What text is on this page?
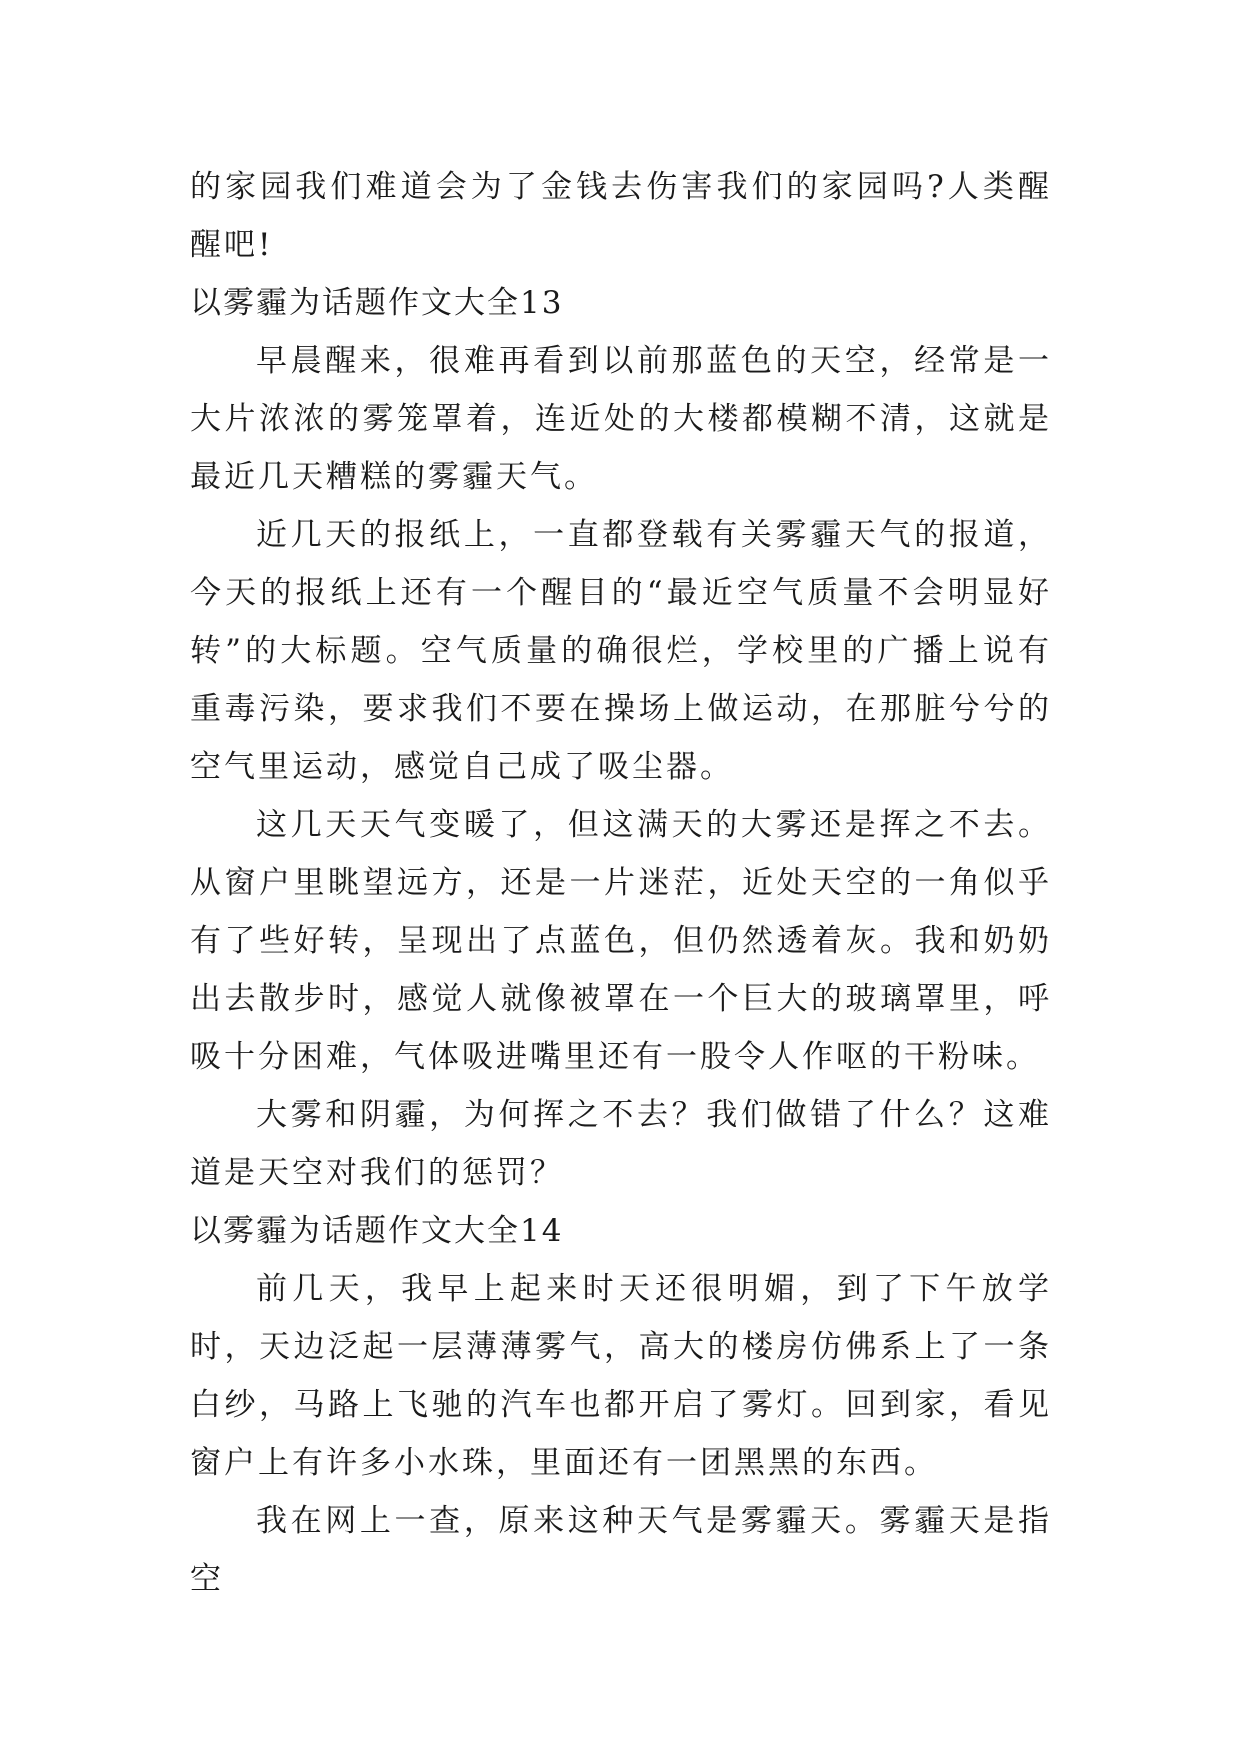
的家园我们难道会为了金钱去伤害我们的家园吗?人类醒醒吧!

以雾霾为话题作文大全13

早晨醒来，很难再看到以前那蓝色的天空，经常是一大片浓浓的雾笼罩着，连近处的大楼都模糊不清，这就是最近几天糟糕的雾霾天气。

近几天的报纸上，一直都登载有关雾霾天气的报道，今天的报纸上还有一个醒目的“最近空气质量不会明显好转”的大标题。空气质量的确很烂，学校里的广播上说有重毒污染，要求我们不要在操场上做运动，在那脏兮兮的空气里运动，感觉自己成了吸尘器。

这几天天气变暖了，但这满天的大雾还是挥之不去。从窗户里眺望远方，还是一片迷茫，近处天空的一角似乎有了些好转，呈现出了点蓝色，但仍然透着灰。我和奶奶出去散步时，感觉人就像被罩在一个巨大的玻璃罩里，呼吸十分困难，气体吸进嘴里还有一股令人作呕的干粉味。

大雾和阴霾，为何挥之不去？我们做错了什么？这难道是天空对我们的惩罚？

以雾霾为话题作文大全14

前几天，我早上起来时天还很明媚，到了下午放学时，天边泛起一层薄薄雾气，高大的楼房仿佛系上了一条白纱，马路上飞驰的汽车也都开启了雾灯。回到家，看见窗户上有许多小水珠，里面还有一团黑黑的东西。

我在网上一查，原来这种天气是雾霾天。雾霾天是指空
